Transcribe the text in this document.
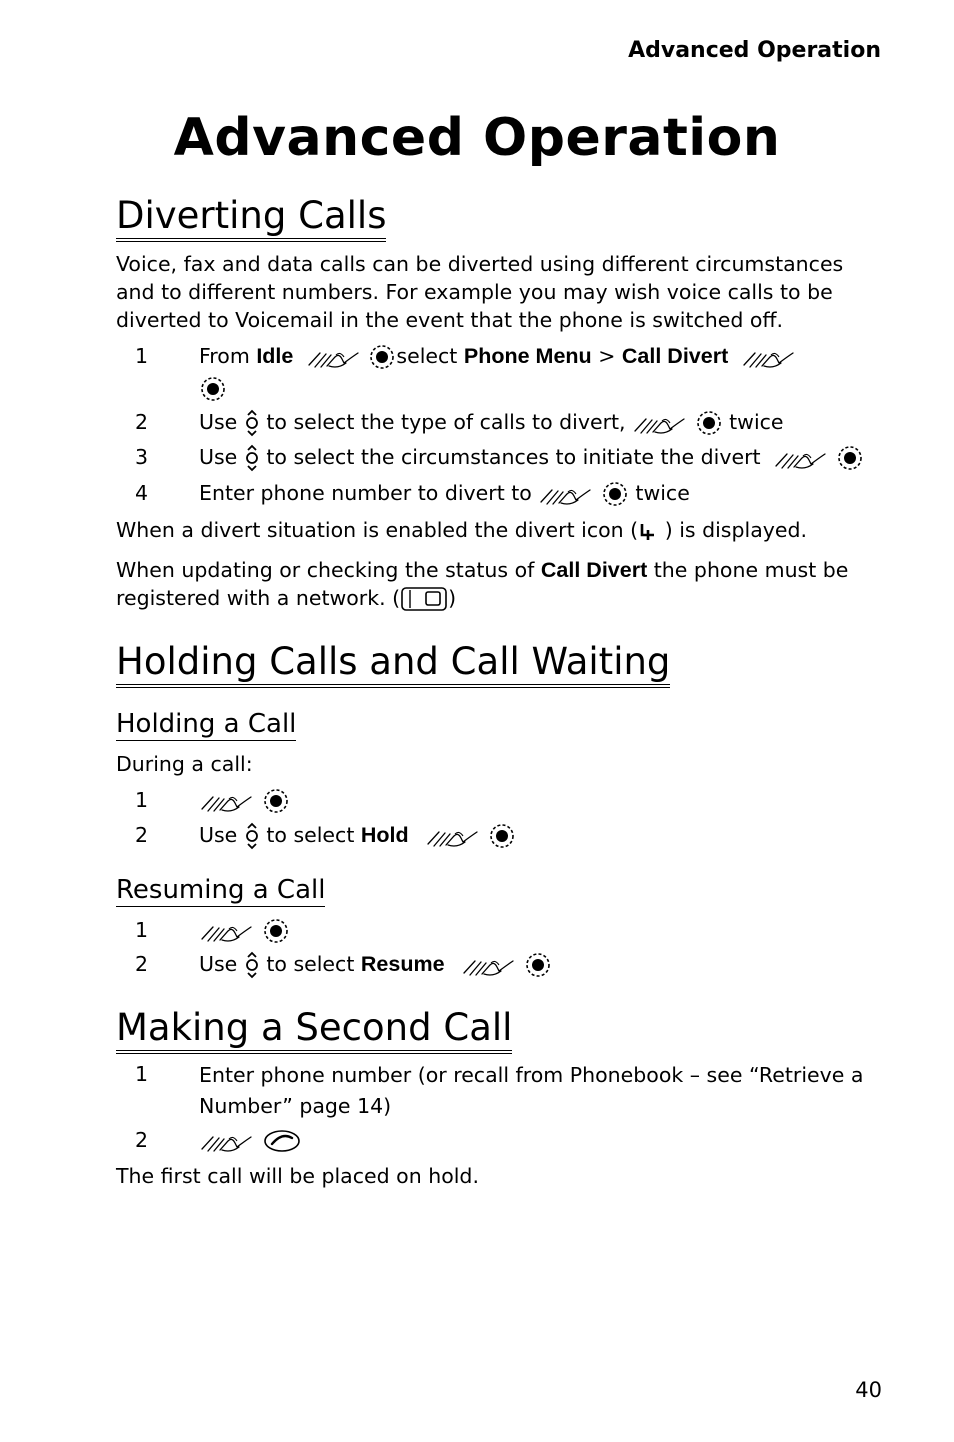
Advanced Operation
Advanced Operation
Diverting Calls
Voice, fax and data calls can be diverted using different circumstances and to different numbers. For example you may wish voice calls to be diverted to Voicemail in the event that the phone is switched off.
1 From Idle
	select Phone Menu > Call Divert
2 Use
to select the type of calls to divert,
	twice
3 Use
to select the circumstances to initiate the divert

4 Enter phone number to divert to
	twice
When a divert situation is enabled the divert icon (
) is displayed.
When updating or checking the status of Call Divert the phone must be registered with a network. ( )
Holding Calls and Call Waiting
Holding a Call
During a call:
1

2 Use
to select Hold

Resuming a Call
1

2 Use
to select Resume

Making a Second Call
1 Enter phone number (or recall from Phonebook – see “Retrieve a Number” page 14)
2

The first call will be placed on hold.
40
